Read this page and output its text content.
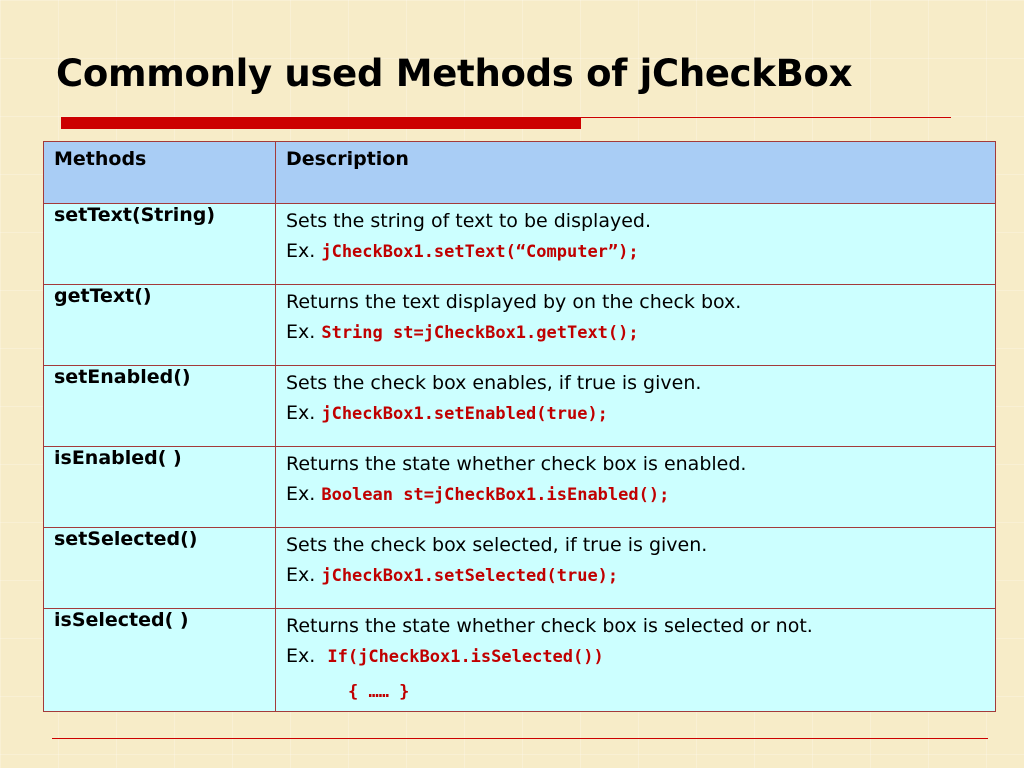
Commonly used Methods of jCheckBox
Methods	Description
setText(String)	Sets the string of text to be displayed.
Ex. jCheckBox1.setText(“Computer”);

getText()	Returns the text displayed by on the check box.
Ex. String st=jCheckBox1.getText();

setEnabled()	Sets the check box enables, if true is given.
Ex. jCheckBox1.setEnabled(true);

isEnabled( )	Returns the state whether check box is enabled.
Ex. Boolean st=jCheckBox1.isEnabled();

setSelected()	Sets the check box selected, if true is given.
Ex. jCheckBox1.setSelected(true);

isSelected( )	Returns the state whether check box is selected or not.
Ex. If(jCheckBox1.isSelected())
{ …… }
